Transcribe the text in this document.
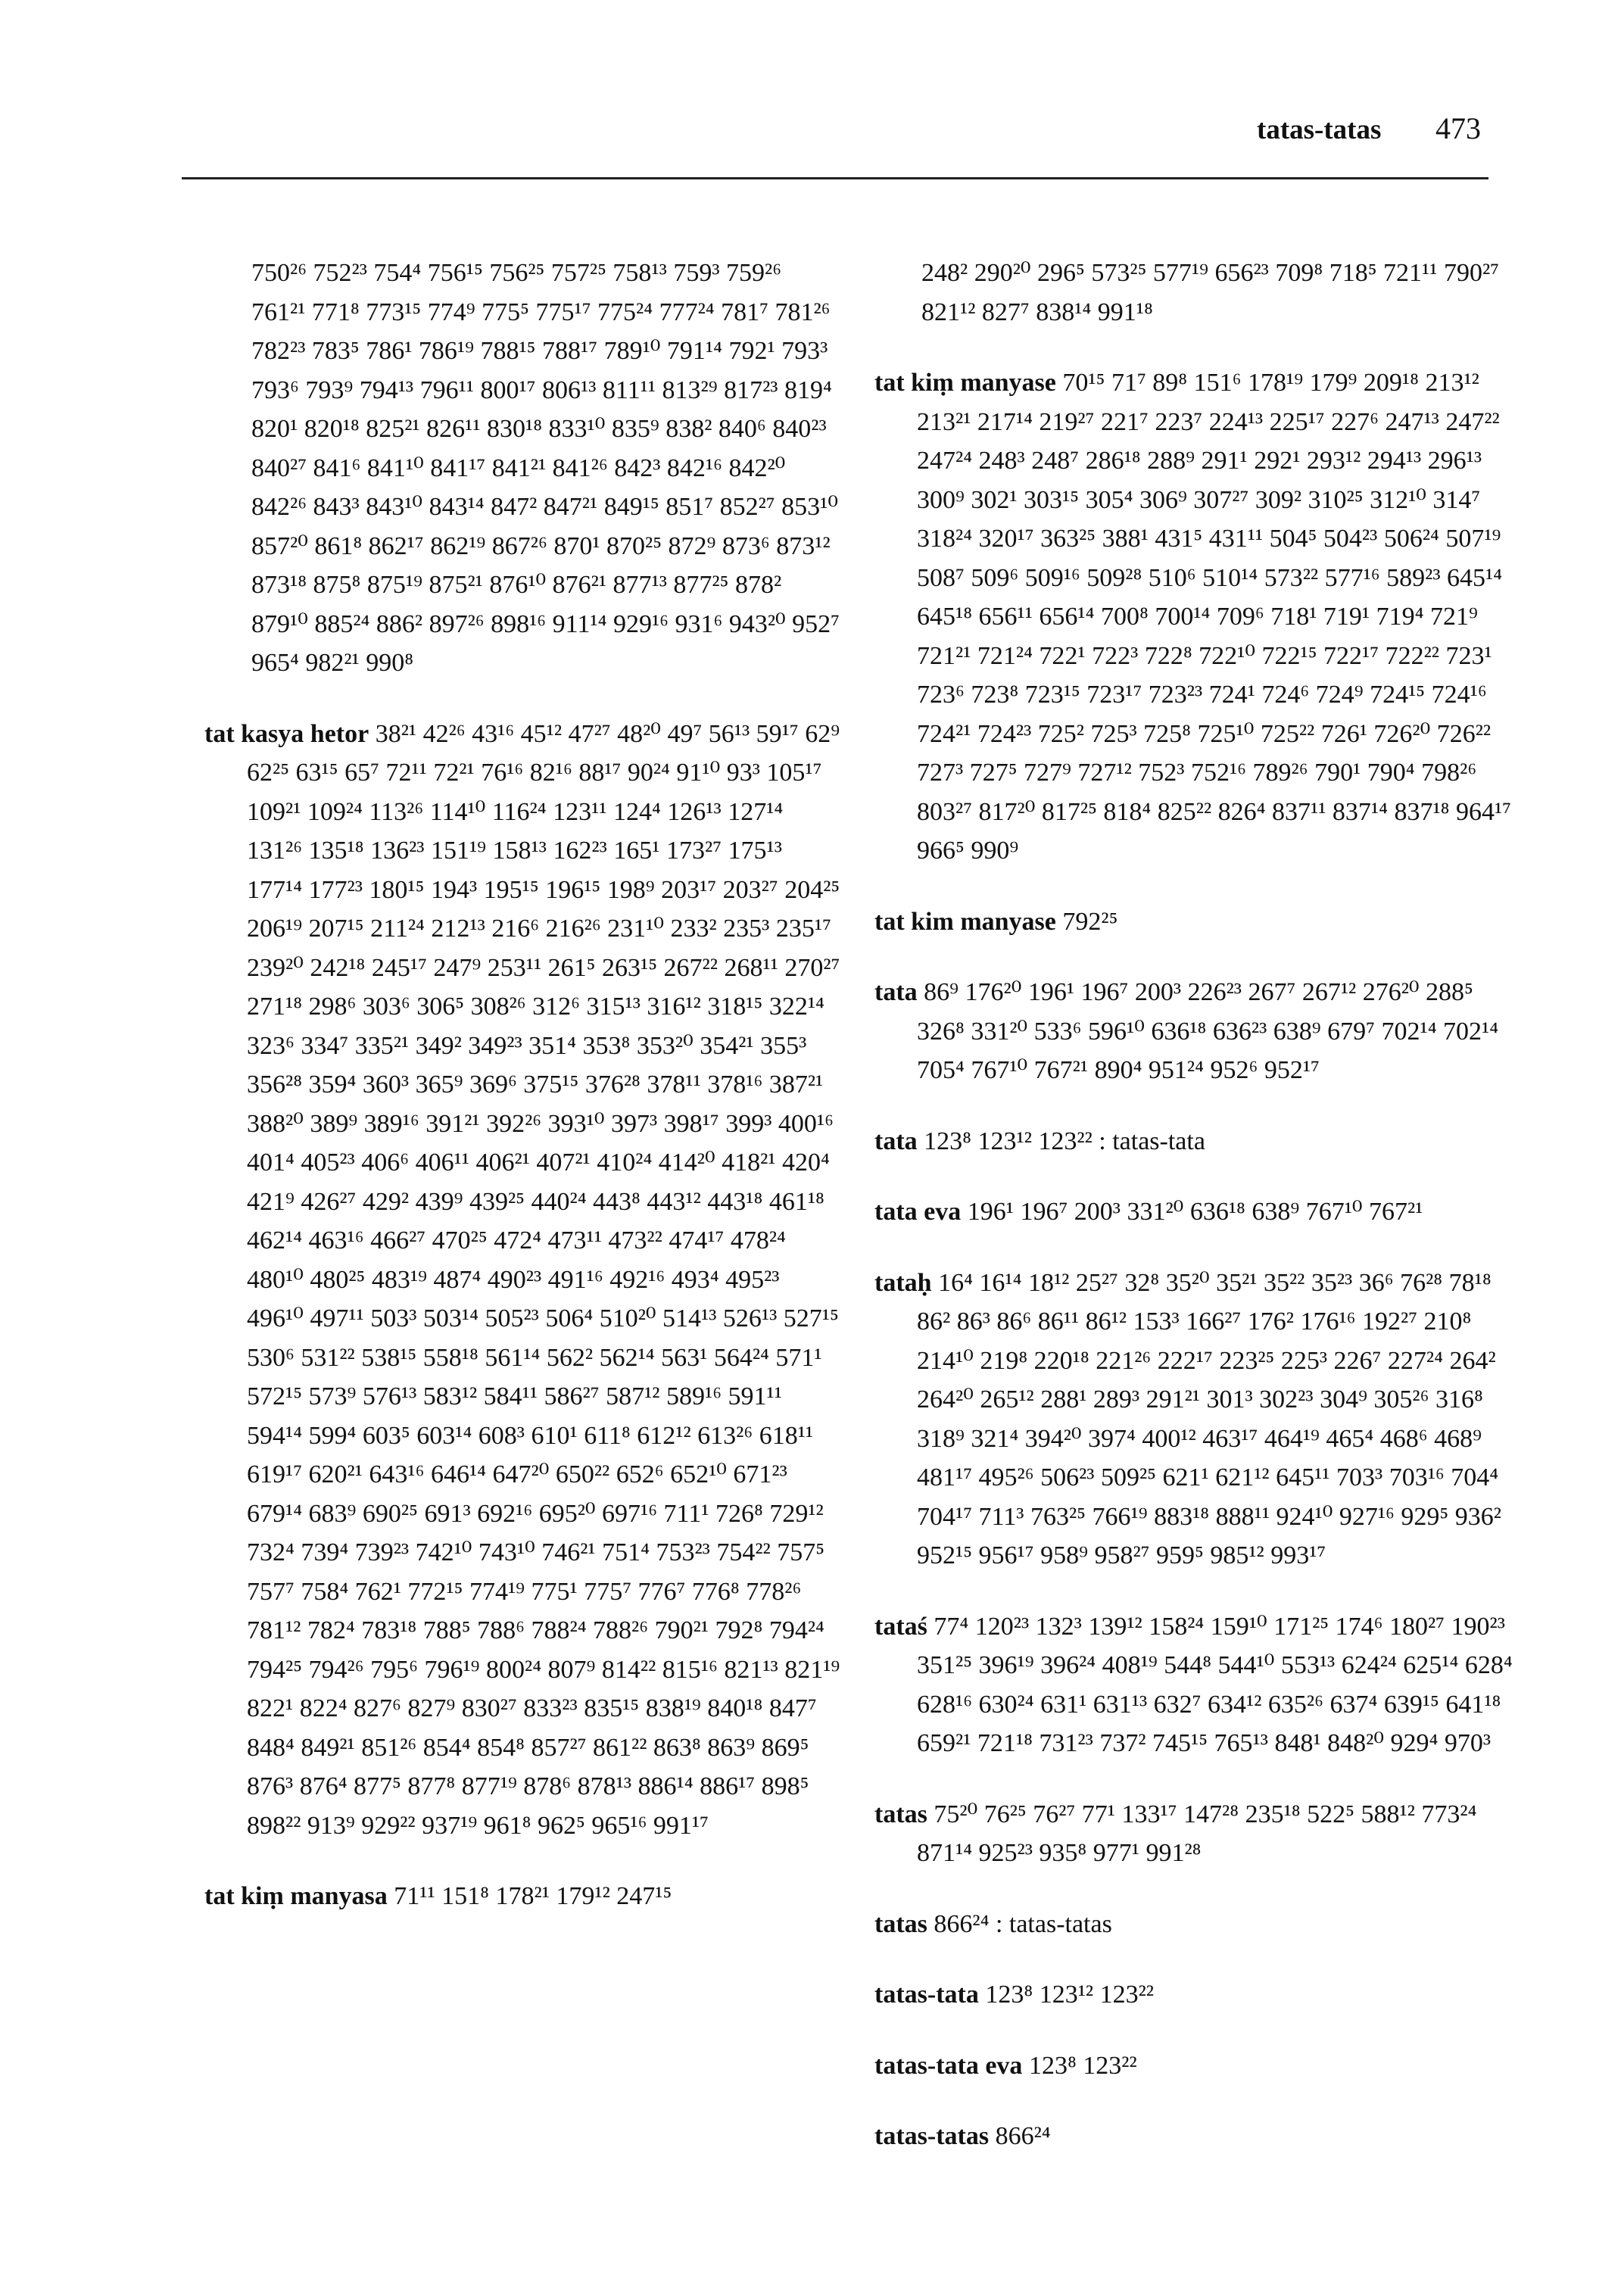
tatas-tatas 473

750²⁶ 752²³ 754⁴ 756¹⁵ 756²⁵ 757²⁵ 758¹³ 759³ 759²⁶ 761²¹ 771⁸ 773¹⁵ 774⁹ 775⁵ 775¹⁷ 775²⁴ 777²⁴ 781⁷ 781²⁶ 782²³ 783⁵ 786¹ 786¹⁹ 788¹⁵ 788¹⁷ 789¹⁰ 791¹⁴ 792¹ 793³ 793⁶ 793⁹ 794¹³ 796¹¹ 800¹⁷ 806¹³ 811¹¹ 813²⁹ 817²³ 819⁴ 820¹ 820¹⁸ 825²¹ 826¹¹ 830¹⁸ 833¹⁰ 835⁹ 838² 840⁶ 840²³ 840²⁷ 841⁶ 841¹⁰ 841¹⁷ 841²¹ 841²⁶ 842³ 842¹⁶ 842²⁰ 842²⁶ 843³ 843¹⁰ 843¹⁴ 847² 847²¹ 849¹⁵ 851⁷ 852²⁷ 853¹⁰ 857²⁰ 861⁸ 862¹⁷ 862¹⁹ 867²⁶ 870¹ 870²⁵ 872⁹ 873⁶ 873¹² 873¹⁸ 875⁸ 875¹⁹ 875²¹ 876¹⁰ 876²¹ 877¹³ 877²⁵ 878² 879¹⁰ 885²⁴ 886² 897²⁶ 898¹⁶ 911¹⁴ 929¹⁶ 931⁶ 943²⁰ 952⁷ 965⁴ 982²¹ 990⁸

tat kasya hetor 38²¹ 42²⁶ 43¹⁶ 45¹² 47²⁷ 48²⁰ 49⁷ 56¹³ 59¹⁷ 62⁹ 62²⁵ 63¹⁵ 65⁷ 72¹¹ 72²¹ 76¹⁶ 82¹⁶ 88¹⁷ 90²⁴ 91¹⁰ 93³ 105¹⁷ 109²¹ 109²⁴ 113²⁶ 114¹⁰ 116²⁴ 123¹¹ 124⁴ 126¹³ 127¹⁴ 131²⁶ 135¹⁸ 136²³ 151¹⁹ 158¹³ 162²³ 165¹ 173²⁷ 175¹³ 177¹⁴ 177²³ 180¹⁵ 194³ 195¹⁵ 196¹⁵ 198⁹ 203¹⁷ 203²⁷ 204²⁵ 206¹⁹ 207¹⁵ 211²⁴ 212¹³ 216⁶ 216²⁶ 231¹⁰ 233² 235³ 235¹⁷ 239²⁰ 242¹⁸ 245¹⁷ 247⁹ 253¹¹ 261⁵ 263¹⁵ 267²² 268¹¹ 270²⁷ 271¹⁸ 298⁶ 303⁶ 306⁵ 308²⁶ 312⁶ 315¹³ 316¹² 318¹⁵ 322¹⁴ 323⁶ 334⁷ 335²¹ 349² 349²³ 351⁴ 353⁸ 353²⁰ 354²¹ 355³ 356²⁸ 359⁴ 360³ 365⁹ 369⁶ 375¹⁵ 376²⁸ 378¹¹ 378¹⁶ 387²¹ 388²⁰ 389⁹ 389¹⁶ 391²¹ 392²⁶ 393¹⁰ 397³ 398¹⁷ 399³ 400¹⁶ 401⁴ 405²³ 406⁶ 406¹¹ 406²¹ 407²¹ 410²⁴ 414²⁰ 418²¹ 420⁴ 421⁹ 426²⁷ 429² 439⁹ 439²⁵ 440²⁴ 443⁸ 443¹² 443¹⁸ 461¹⁸ 462¹⁴ 463¹⁶ 466²⁷ 470²⁵ 472⁴ 473¹¹ 473²² 474¹⁷ 478²⁴ 480¹⁰ 480²⁵ 483¹⁹ 487⁴ 490²³ 491¹⁶ 492¹⁶ 493⁴ 495²³ 496¹⁰ 497¹¹ 503³ 503¹⁴ 505²³ 506⁴ 510²⁰ 514¹³ 526¹³ 527¹⁵ 530⁶ 531²² 538¹⁵ 558¹⁸ 561¹⁴ 562² 562¹⁴ 563¹ 564²⁴ 571¹ 572¹⁵ 573⁹ 576¹³ 583¹² 584¹¹ 586²⁷ 587¹² 589¹⁶ 591¹¹ 594¹⁴ 599⁴ 603⁵ 603¹⁴ 608³ 610¹ 611⁸ 612¹² 613²⁶ 618¹¹ 619¹⁷ 620²¹ 643¹⁶ 646¹⁴ 647²⁰ 650²² 652⁶ 652¹⁰ 671²³ 679¹⁴ 683⁹ 690²⁵ 691³ 692¹⁶ 695²⁰ 697¹⁶ 711¹ 726⁸ 729¹² 732⁴ 739⁴ 739²³ 742¹⁰ 743¹⁰ 746²¹ 751⁴ 753²³ 754²² 757⁵ 757⁷ 758⁴ 762¹ 772¹⁵ 774¹⁹ 775¹ 775⁷ 776⁷ 776⁸ 778²⁶ 781¹² 782⁴ 783¹⁸ 788⁵ 788⁶ 788²⁴ 788²⁶ 790²¹ 792⁸ 794²⁴ 794²⁵ 794²⁶ 795⁶ 796¹⁹ 800²⁴ 807⁹ 814²² 815¹⁶ 821¹³ 821¹⁹ 822¹ 822⁴ 827⁶ 827⁹ 830²⁷ 833²³ 835¹⁵ 838¹⁹ 840¹⁸ 847⁷ 848⁴ 849²¹ 851²⁶ 854⁴ 854⁸ 857²⁷ 861²² 863⁸ 863⁹ 869⁵ 876³ 876⁴ 877⁵ 877⁸ 877¹⁹ 878⁶ 878¹³ 886¹⁴ 886¹⁷ 898⁵ 898²² 913⁹ 929²² 937¹⁹ 961⁸ 962⁵ 965¹⁶ 991¹⁷

tat kiṃ manyasa 71¹¹ 151⁸ 178²¹ 179¹² 247¹⁵

248² 290²⁰ 296⁵ 573²⁵ 577¹⁹ 656²³ 709⁸ 718⁵ 721¹¹ 790²⁷ 821¹² 827⁷ 838¹⁴ 991¹⁸

tat kiṃ manyase 70¹⁵ 71⁷ 89⁸ 151⁶ 178¹⁹ 179⁹ 209¹⁸ 213¹² 213²¹ 217¹⁴ 219²⁷ 221⁷ 223⁷ 224¹³ 225¹⁷ 227⁶ 247¹³ 247²² 247²⁴ 248³ 248⁷ 286¹⁸ 288⁹ 291¹ 292¹ 293¹² 294¹³ 296¹³ 300⁹ 302¹ 303¹⁵ 305⁴ 306⁹ 307²⁷ 309² 310²⁵ 312¹⁰ 314⁷ 318²⁴ 320¹⁷ 363²⁵ 388¹ 431⁵ 431¹¹ 504⁵ 504²³ 506²⁴ 507¹⁹ 508⁷ 509⁶ 509¹⁶ 509²⁸ 510⁶ 510¹⁴ 573²² 577¹⁶ 589²³ 645¹⁴ 645¹⁸ 656¹¹ 656¹⁴ 700⁸ 700¹⁴ 709⁶ 718¹ 719¹ 719⁴ 721⁹ 721²¹ 721²⁴ 722¹ 722³ 722⁸ 722¹⁰ 722¹⁵ 722¹⁷ 722²² 723¹ 723⁶ 723⁸ 723¹⁵ 723¹⁷ 723²³ 724¹ 724⁶ 724⁹ 724¹⁵ 724¹⁶ 724²¹ 724²³ 725² 725³ 725⁸ 725¹⁰ 725²² 726¹ 726²⁰ 726²² 727³ 727⁵ 727⁹ 727¹² 752³ 752¹⁶ 789²⁶ 790¹ 790⁴ 798²⁶ 803²⁷ 817²⁰ 817²⁵ 818⁴ 825²² 826⁴ 837¹¹ 837¹⁴ 837¹⁸ 964¹⁷ 966⁵ 990⁹

tat kim manyase 792²⁵

tata 86⁹ 176²⁰ 196¹ 196⁷ 200³ 226²³ 267⁷ 267¹² 276²⁰ 288⁵ 326⁸ 331²⁰ 533⁶ 596¹⁰ 636¹⁸ 636²³ 638⁹ 679⁷ 702¹⁴ 702¹⁴ 705⁴ 767¹⁰ 767²¹ 890⁴ 951²⁴ 952⁶ 952¹⁷

tata 123⁸ 123¹² 123²² : tatas-tata

tata eva 196¹ 196⁷ 200³ 331²⁰ 636¹⁸ 638⁹ 767¹⁰ 767²¹

tataḥ 16⁴ 16¹⁴ 18¹² 25²⁷ 32⁸ 35²⁰ 35²¹ 35²² 35²³ 36⁶ 76²⁸ 78¹⁸ 86² 86³ 86⁶ 86¹¹ 86¹² 153³ 166²⁷ 176² 176¹⁶ 192²⁷ 210⁸ 214¹⁰ 219⁸ 220¹⁸ 221²⁶ 222¹⁷ 223²⁵ 225³ 226⁷ 227²⁴ 264² 264²⁰ 265¹² 288¹ 289³ 291²¹ 301³ 302²³ 304⁹ 305²⁶ 316⁸ 318⁹ 321⁴ 394²⁰ 397⁴ 400¹² 463¹⁷ 464¹⁹ 465⁴ 468⁶ 468⁹ 481¹⁷ 495²⁶ 506²³ 509²⁵ 621¹ 621¹² 645¹¹ 703³ 703¹⁶ 704⁴ 704¹⁷ 711³ 763²⁵ 766¹⁹ 883¹⁸ 888¹¹ 924¹⁰ 927¹⁶ 929⁵ 936² 952¹⁵ 956¹⁷ 958⁹ 958²⁷ 959⁵ 985¹² 993¹⁷

tataś 77⁴ 120²³ 132³ 139¹² 158²⁴ 159¹⁰ 171²⁵ 174⁶ 180²⁷ 190²³ 351²⁵ 396¹⁹ 396²⁴ 408¹⁹ 544⁸ 544¹⁰ 553¹³ 624²⁴ 625¹⁴ 628⁴ 628¹⁶ 630²⁴ 631¹ 631¹³ 632⁷ 634¹² 635²⁶ 637⁴ 639¹⁵ 641¹⁸ 659²¹ 721¹⁸ 731²³ 737² 745¹⁵ 765¹³ 848¹ 848²⁰ 929⁴ 970³

tatas 75²⁰ 76²⁵ 76²⁷ 77¹ 133¹⁷ 147²⁸ 235¹⁸ 522⁵ 588¹² 773²⁴ 871¹⁴ 925²³ 935⁸ 977¹ 991²⁸

tatas 866²⁴ : tatas-tatas

tatas-tata 123⁸ 123¹² 123²²

tatas-tata eva 123⁸ 123²²

tatas-tatas 866²⁴
